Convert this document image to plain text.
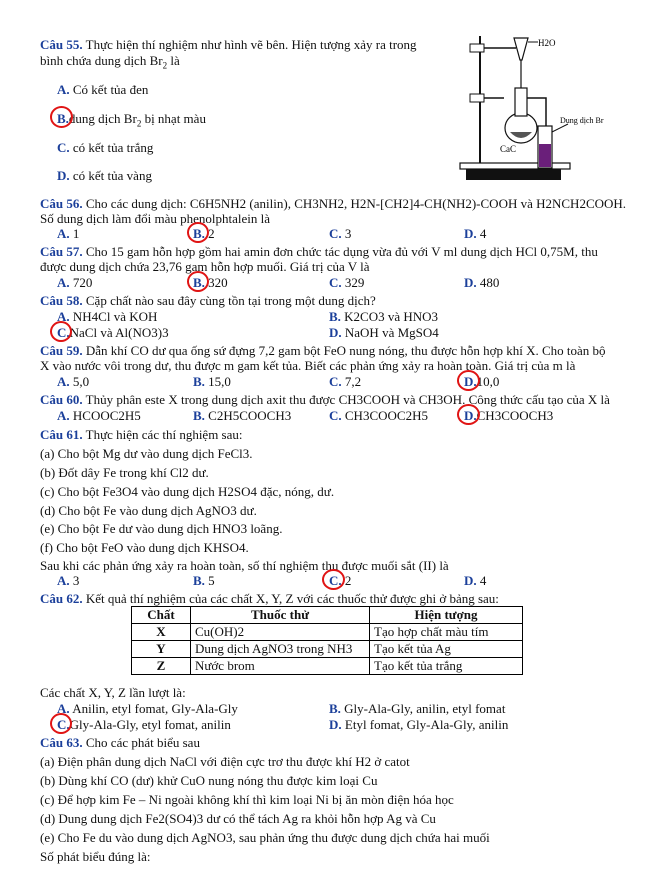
Câu 55. Thực hiện thí nghiệm như hình vẽ bên. Hiện tượng xảy ra trong
bình chứa dung dịch $Br_2$ là
A. Có kết tủa đen
B.dung dịch $Br_2$ bị nhạt màu
C. có kết tủa trắng
D. có kết tủa vàng
H2O
Dung dịch Br
CaC
Câu 56. Cho các dung dịch: C6H5NH2 (anilin), CH3NH2, H2N-[CH2]4-CH(NH2)-COOH và H2NCH2COOH.
Số dung dịch làm đổi màu phenolphtalein là
A. 1	B. 2	C. 3	D. 4
Câu 57. Cho 15 gam hỗn hợp gồm hai amin đơn chức tác dụng vừa đủ với V ml dung dịch HCl 0,75M, thu
được dung dịch chứa 23,76 gam hỗn hợp muối. Giá trị của V là
A. 720	B. 320	C. 329	D. 480
Câu 58. Cặp chất nào sau đây cùng tồn tại trong một dung dịch?
A. NH4Cl và KOH	B. K2CO3 và HNO3
C.NaCl và Al(NO3)3	D. NaOH và MgSO4
Câu 59. Dẫn khí CO dư qua ống sứ đựng 7,2 gam bột FeO nung nóng, thu được hỗn hợp khí X. Cho toàn bộ
X vào nước vôi trong dư, thu được m gam kết tủa. Biết các phản ứng xảy ra hoàn toàn. Giá trị của m là
A. 5,0	B. 15,0	C. 7,2	D.10,0
Câu 60. Thủy phân este X trong dung dịch axit thu được CH3COOH và CH3OH. Công thức cấu tạo của X là
A. HCOOC2H5	B. C2H5COOCH3	C. CH3COOC2H5	D.CH3COOCH3
Câu 61. Thực hiện các thí nghiệm sau:
(a) Cho bột Mg dư vào dung dịch FeCl3.
(b) Đốt dây Fe trong khí Cl2 dư.
(c) Cho bột Fe3O4 vào dung dịch H2SO4 đặc, nóng, dư.
(d) Cho bột Fe vào dung dịch AgNO3 dư.
(e) Cho bột Fe dư vào dung dịch HNO3 loãng.
(f) Cho bột FeO vào dung dịch KHSO4.
Sau khi các phản ứng xảy ra hoàn toàn, số thí nghiệm thu được muối sắt (II) là
A. 3	B. 5	C. 2	D. 4
Câu 62. Kết quả thí nghiệm của các chất X, Y, Z với các thuốc thử được ghi ở bảng sau:
Chất	Thuốc thử	Hiện tượng
X	Cu(OH)2	Tạo hợp chất màu tím
Y	Dung dịch AgNO3 trong NH3	Tạo kết tủa Ag
Z	Nước brom	Tạo kết tủa trắng
Các chất X, Y, Z lần lượt là:
A. Anilin, etyl fomat, Gly-Ala-Gly	B. Gly-Ala-Gly, anilin, etyl fomat
C.Gly-Ala-Gly, etyl fomat, anilin	D. Etyl fomat, Gly-Ala-Gly, anilin
Câu 63. Cho các phát biểu sau
(a) Điện phân dung dịch NaCl với điện cực trơ thu được khí H2 ở catot
(b) Dùng khí CO (dư) khử CuO nung nóng thu được kim loại Cu
(c) Để hợp kim Fe – Ni ngoài không khí thì kim loại Ni bị ăn mòn điện hóa học
(d) Dung dung dịch Fe2(SO4)3 dư có thể tách Ag ra khỏi hỗn hợp Ag và Cu
(e) Cho Fe du vào dung dịch AgNO3, sau phản ứng thu được dung dịch chứa hai muối
Số phát biểu đúng là:
